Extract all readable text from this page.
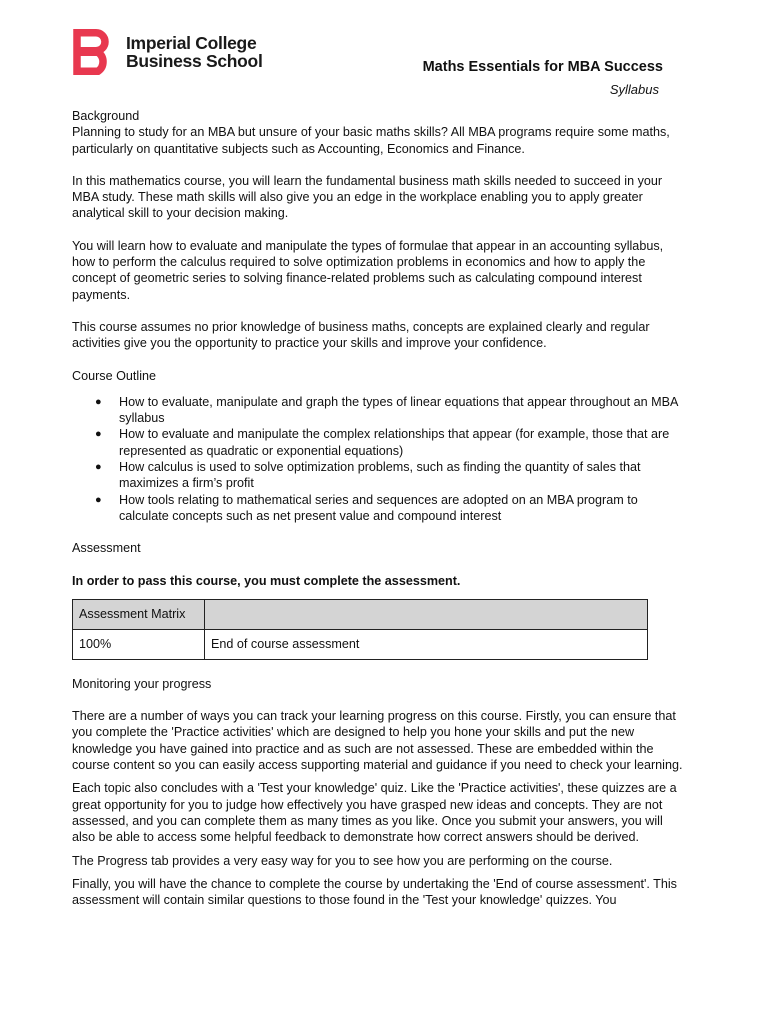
Imperial College
Business School	Maths Essentials for MBA Success
Syllabus

Background

Planning to study for an MBA but unsure of your basic maths skills? All MBA programs require some maths, particularly on quantitative subjects such as Accounting, Economics and Finance.

In this mathematics course, you will learn the fundamental business math skills needed to succeed in your MBA study. These math skills will also give you an edge in the workplace enabling you to apply greater analytical skill to your decision making.

You will learn how to evaluate and manipulate the types of formulae that appear in an accounting syllabus, how to perform the calculus required to solve optimization problems in economics and how to apply the concept of geometric series to solving finance-related problems such as calculating compound interest payments.

This course assumes no prior knowledge of business maths, concepts are explained clearly and regular activities give you the opportunity to practice your skills and improve your confidence.

Course Outline

● How to evaluate, manipulate and graph the types of linear equations that appear throughout an MBA syllabus
● How to evaluate and manipulate the complex relationships that appear (for example, those that are represented as quadratic or exponential equations)
● How calculus is used to solve optimization problems, such as finding the quantity of sales that maximizes a firm’s profit
● How tools relating to mathematical series and sequences are adopted on an MBA program to calculate concepts such as net present value and compound interest

Assessment

In order to pass this course, you must complete the assessment.

Assessment Matrix	
100%	End of course assessment

Monitoring your progress

There are a number of ways you can track your learning progress on this course. Firstly, you can ensure that you complete the 'Practice activities' which are designed to help you hone your skills and put the new knowledge you have gained into practice and as such are not assessed. These are embedded within the course content so you can easily access supporting material and guidance if you need to check your learning.

Each topic also concludes with a 'Test your knowledge' quiz. Like the 'Practice activities', these quizzes are a great opportunity for you to judge how effectively you have grasped new ideas and concepts. They are not assessed, and you can complete them as many times as you like. Once you submit your answers, you will also be able to access some helpful feedback to demonstrate how correct answers should be derived.

The Progress tab provides a very easy way for you to see how you are performing on the course.

Finally, you will have the chance to complete the course by undertaking the 'End of course assessment'. This assessment will contain similar questions to those found in the 'Test your knowledge' quizzes. You
